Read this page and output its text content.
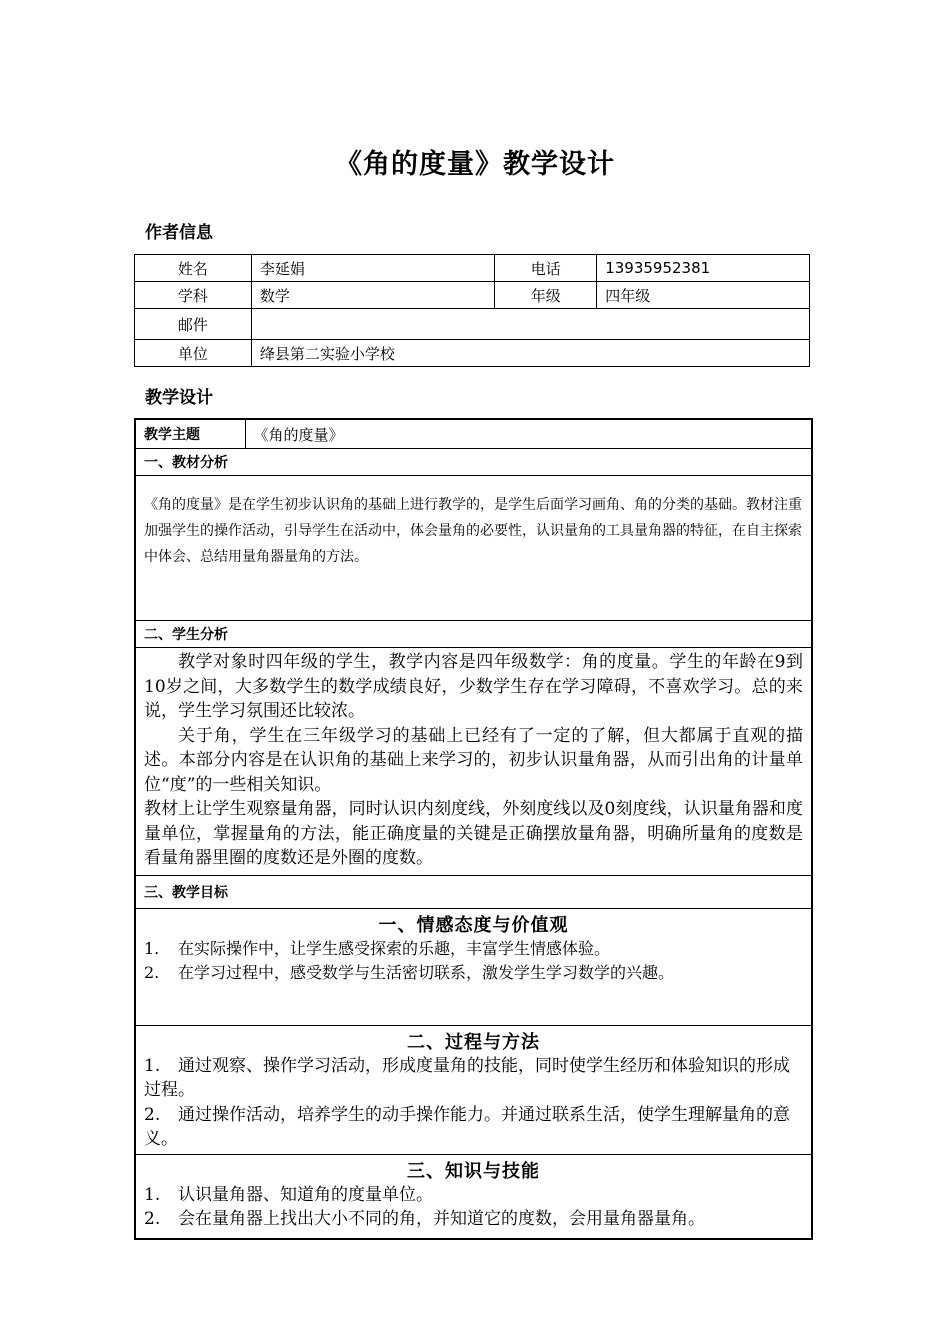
《角的度量》教学设计
作者信息
姓名	李延娟	电话	13935952381
学科	数学	年级	四年级
邮件			
单位	绛县第二实验小学校		
教学设计
教学主题	《角的度量》
一、教材分析

《角的度量》是在学生初步认识角的基础上进行教学的，是学生后面学习画角、角的分类的基础。教材注重加强学生的操作活动，引导学生在活动中，体会量角的必要性，认识量角的工具量角器的特征，在自主探索中体会、总结用量角器量角的方法。

二、学生分析

教学对象时四年级的学生，教学内容是四年级数学：角的度量。学生的年龄在9到10岁之间，大多数学生的数学成绩良好，少数学生存在学习障碍，不喜欢学习。总的来说，学生学习氛围还比较浓。
关于角，学生在三年级学习的基础上已经有了一定的了解，但大都属于直观的描述。本部分内容是在认识角的基础上来学习的，初步认识量角器，从而引出角的计量单位“度”的一些相关知识。
教材上让学生观察量角器，同时认识内刻度线，外刻度线以及0刻度线，认识量角器和度量单位，掌握量角的方法，能正确度量的关键是正确摆放量角器，明确所量角的度数是看量角器里圈的度数还是外圈的度数。

三、教学目标

一、情感态度与价值观
1. 在实际操作中，让学生感受探索的乐趣，丰富学生情感体验。
2. 在学习过程中，感受数学与生活密切联系，激发学生学习数学的兴趣。

二、过程与方法
1. 通过观察、操作学习活动，形成度量角的技能，同时使学生经历和体验知识的形成过程。
2. 通过操作活动，培养学生的动手操作能力。并通过联系生活，使学生理解量角的意义。

三、知识与技能
1. 认识量角器、知道角的度量单位。
2. 会在量角器上找出大小不同的角，并知道它的度数，会用量角器量角。
